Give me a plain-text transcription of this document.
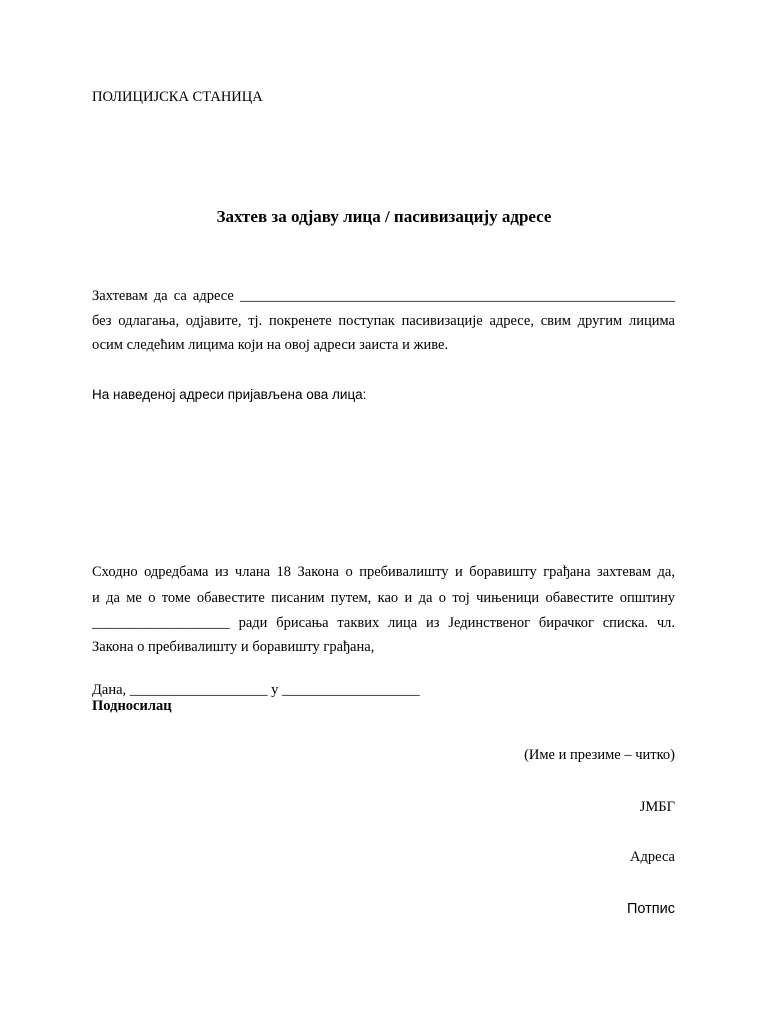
ПОЛИЦИЈСКА СТАНИЦА
Захтев за одјаву лица / пасивизацију адресе
Захтевам да са адресе ____________________________________________________________
без одлагања, одјавите, тј. покренете поступак пасивизације адресе, свим другим лицима
осим следећим лицима који на овој адреси заиста и живе.
На наведеној адреси пријављена ова лица:
Сходно одредбама из члана 18 Закона о пребивалишту и боравишту грађана захтевам да,
и да ме о томе обавестите писаним путем, као и да о тој чињеници обавестите општину
___________________ ради брисања таквих лица из Јединственог бирачког списка. чл.
Закона о пребивалишту и боравишту грађана,
Дана, ___________________ у ___________________
Подносилац
(Име и презиме – читко)
ЈМБГ
Адреса
Потпис
